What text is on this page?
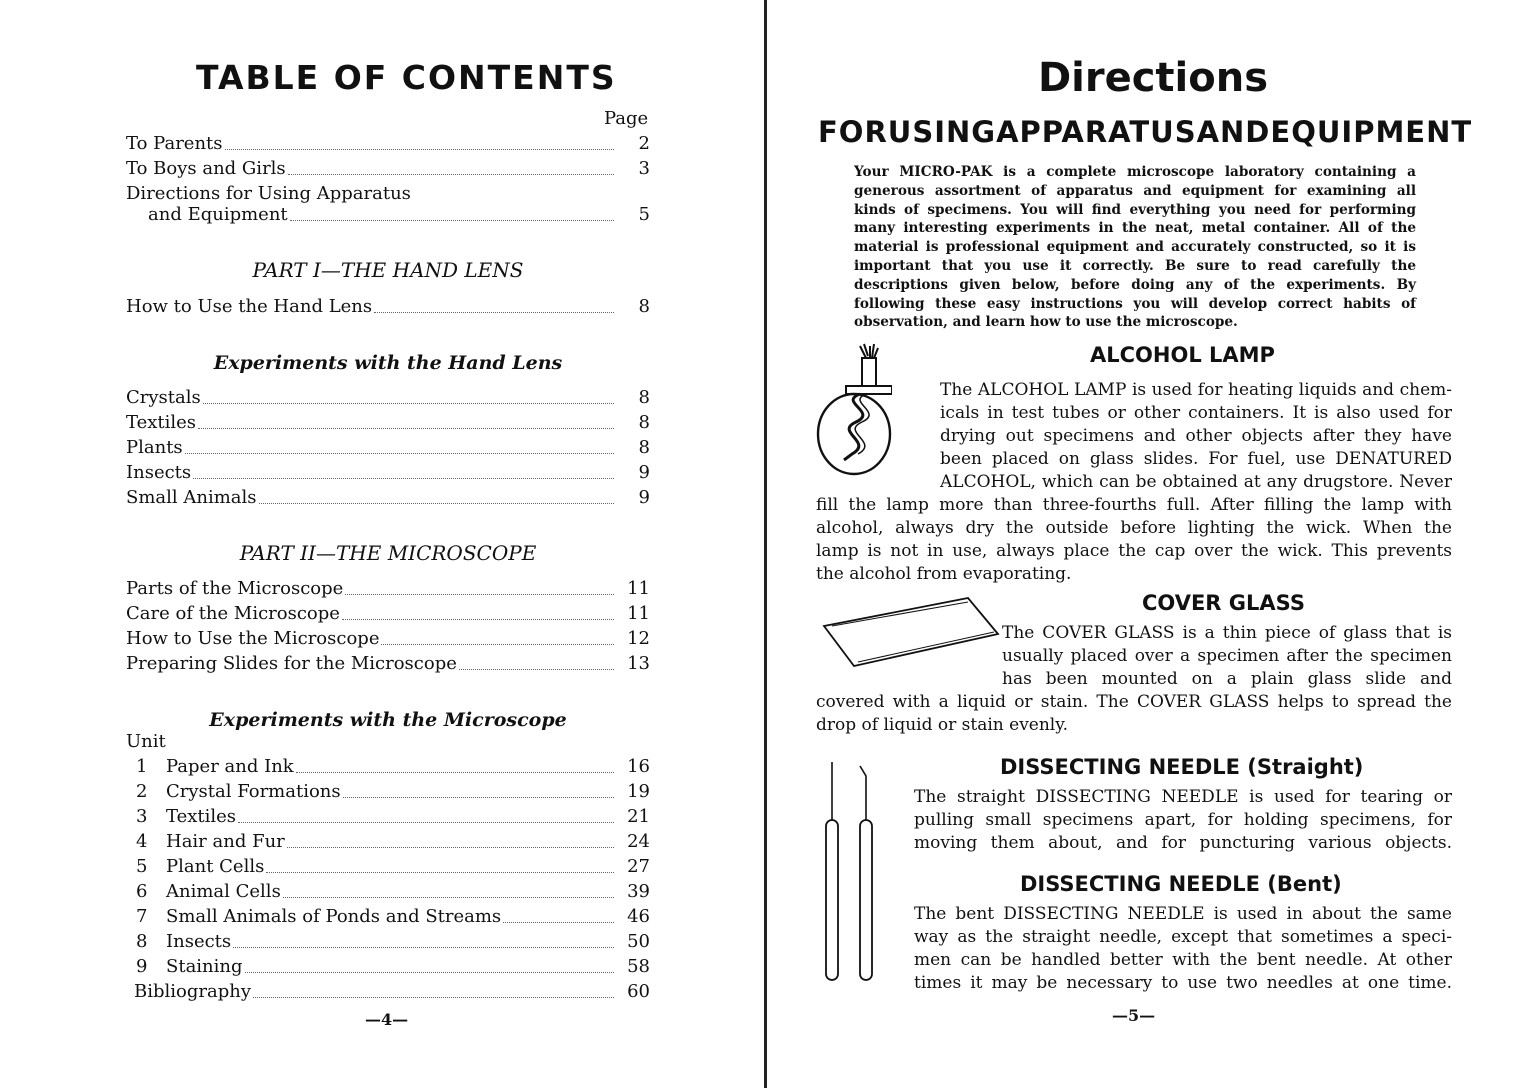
TABLE OF CONTENTS
Page
To Parents	2
To Boys and Girls	3
Directions for Using Apparatus
and Equipment	5
PART I—THE HAND LENS
How to Use the Hand Lens	8
Experiments with the Hand Lens
Crystals	8
Textiles	8
Plants	8
Insects	9
Small Animals	9
PART II—THE MICROSCOPE
Parts of the Microscope	11
Care of the Microscope	11
How to Use the Microscope	12
Preparing Slides for the Microscope	13
Experiments with the Microscope
Unit
1	Paper and Ink	16
2	Crystal Formations	19
3	Textiles	21
4	Hair and Fur	24
5	Plant Cells	27
6	Animal Cells	39
7	Small Animals of Ponds and Streams	46
8	Insects	50
9	Staining	58
Bibliography	60
—4—
Directions
FOR USING APPARATUS AND EQUIPMENT

Your MICRO-PAK is a complete microscope laboratory containing a generous assortment of apparatus and equipment for examining all kinds of specimens. You will find everything you need for performing many interesting experiments in the neat, metal container. All of the material is professional equipment and accurately constructed, so it is important that you use it correctly. Be sure to read carefully the descriptions given below, before doing any of the experiments. By following these easy instructions you will develop correct habits of observation, and learn how to use the microscope.

ALCOHOL LAMP
The ALCOHOL LAMP is used for heating liquids and chem-
icals in test tubes or other containers. It is also used for
drying out specimens and other objects after they have
been placed on glass slides. For fuel, use DENATURED
ALCOHOL, which can be obtained at any drugstore. Never
fill the lamp more than three-fourths full. After filling the lamp with
alcohol, always dry the outside before lighting the wick. When the
lamp is not in use, always place the cap over the wick. This prevents
the alcohol from evaporating.
COVER GLASS
The COVER GLASS is a thin piece of glass that is
usually placed over a specimen after the specimen
has been mounted on a plain glass slide and
covered with a liquid or stain. The COVER GLASS helps to spread the
drop of liquid or stain evenly.
DISSECTING NEEDLE (Straight)
The straight DISSECTING NEEDLE is used for tearing or
pulling small specimens apart, for holding specimens, for
moving them about, and for puncturing various objects.
DISSECTING NEEDLE (Bent)
The bent DISSECTING NEEDLE is used in about the same
way as the straight needle, except that sometimes a speci-
men can be handled better with the bent needle. At other
times it may be necessary to use two needles at one time.
—5—
